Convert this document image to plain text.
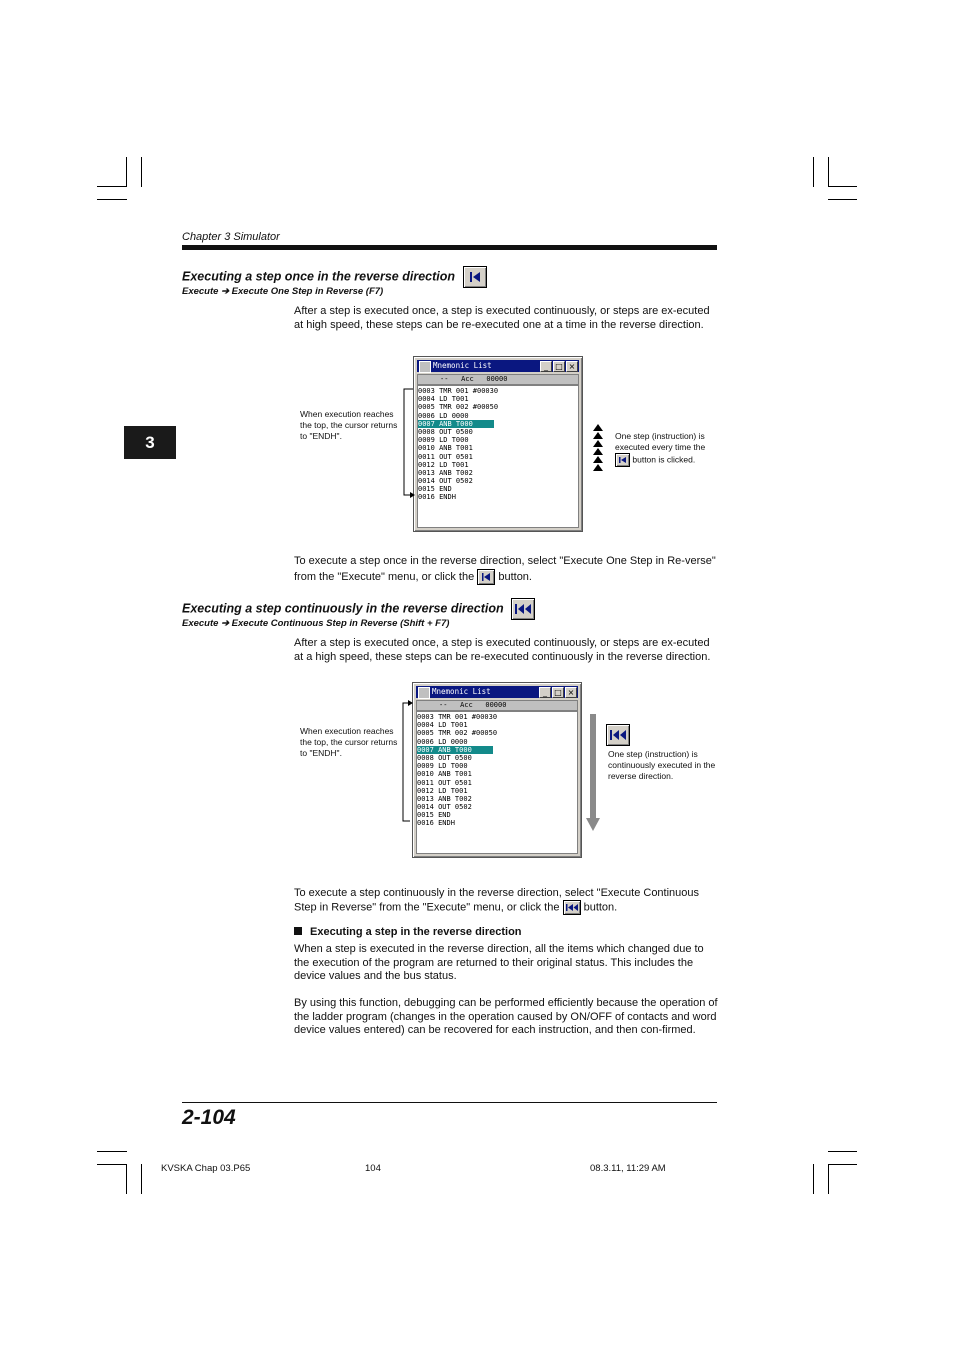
Chapter 3 Simulator
3
Executing a step once in the reverse direction
Execute ➔ Execute One Step in Reverse (F7)
After a step is executed once, a step is executed continuously, or steps are ex-ecuted at high speed, these steps can be re-executed one at a time in the reverse direction.
Mnemonic List	_ □ ×
--   Acc   00000
0003 TMR 001 #00030
0004 LD T001
0005 TMR 002 #00050
0006 LD 0000
0007 ANB T000
0008 OUT 0500
0009 LD T000
0010 ANB T001
0011 OUT 0501
0012 LD T001
0013 ANB T002
0014 OUT 0502
0015 END
0016 ENDH
When execution reaches the top, the cursor returns to "ENDH".	One step (instruction) is executed every time the
button is clicked.
To execute a step once in the reverse direction, select "Execute One Step in Re-verse" from the "Execute" menu, or click the button.
Executing a step continuously in the reverse direction
Execute ➔ Execute Continuous Step in Reverse (Shift + F7)
After a step is executed once, a step is executed continuously, or steps are ex-ecuted at a high speed, these steps can be re-executed continuously in the reverse direction.
Mnemonic List	_ □ ×
--   Acc   00000
0003 TMR 001 #00030
0004 LD T001
0005 TMR 002 #00050
0006 LD 0000
0007 ANB T000
0008 OUT 0500
0009 LD T000
0010 ANB T001
0011 OUT 0501
0012 LD T001
0013 ANB T002
0014 OUT 0502
0015 END
0016 ENDH
When execution reaches the top, the cursor returns to "ENDH".	One step (instruction) is continuously executed in the reverse direction.
To execute a step continuously in the reverse direction, select "Execute Continuous Step in Reverse" from the "Execute" menu, or click the button.
Executing a step in the reverse direction
When a step is executed in the reverse direction, all the items which changed due to the execution of the program are returned to their original status. This includes the device values and the bus status.
By using this function, debugging can be performed efficiently because the operation of the ladder program (changes in the operation caused by ON/OFF of contacts and word device values entered) can be recovered for each instruction, and then con-firmed.
2-104
KVSKA Chap 03.P65	104	08.3.11, 11:29 AM
